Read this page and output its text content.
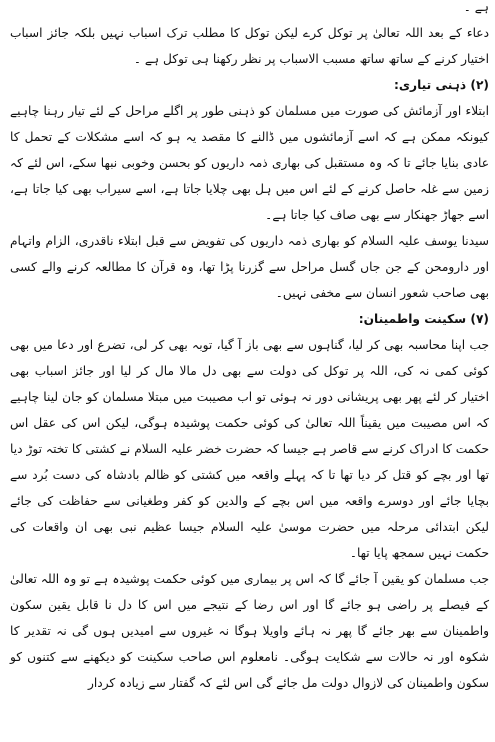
ہے ۔

دعاء کے بعد اللہ تعالیٰ پر توکل کرے لیکن توکل کا مطلب ترک اسباب نہیں بلکہ جائز اسباب اختیار کرنے کے ساتھ ساتھ مسبب الاسباب پر نظر رکھنا ہی توکل ہے ۔

(۲) ذہنی تیاری:

ابتلاء اور آزمائش کی صورت میں مسلمان کو ذہنی طور پر اگلے مراحل کے لئے تیار رہنا چاہیے کیونکہ ممکن ہے کہ اسے آزمائشوں میں ڈالنے کا مقصد یہ ہو کہ اسے مشکلات کے تحمل کا عادی بنایا جائے تا کہ وہ مستقبل کی بھاری ذمہ داریوں کو بحسن وخوبی نبھا سکے، اس لئے کہ زمین سے غلہ حاصل کرنے کے لئے اس میں ہل بھی چلایا جاتا ہے، اسے سیراب بھی کیا جاتا ہے، اسے جھاڑ جھنکار سے بھی صاف کیا جاتا ہے۔

سیدنا یوسف علیہ السلام کو بھاری ذمہ داریوں کی تفویض سے قبل ابتلاء ناقدری، الزام واتہام اور دارومحن کے جن جاں گسل مراحل سے گزرنا پڑا تھا، وہ قرآن کا مطالعہ کرنے والے کسی بھی صاحب شعور انسان سے مخفی نہیں۔

(۷) سکینت واطمینان:

جب اپنا محاسبہ بھی کر لیا، گناہوں سے بھی باز آ گیا، توبہ بھی کر لی، تضرع اور دعا میں بھی کوئی کمی نہ کی، اللہ پر توکل کی دولت سے بھی دل مالا مال کر لیا اور جائز اسباب بھی اختیار کر لئے پھر بھی پریشانی دور نہ ہوئی تو اب مصیبت میں مبتلا مسلمان کو جان لینا چاہیے کہ اس مصیبت میں یقیناً اللہ تعالیٰ کی کوئی حکمت پوشیدہ ہوگی، لیکن اس کی عقل اس حکمت کا ادراک کرنے سے قاصر ہے جیسا کہ حضرت خضر علیہ السلام نے کشتی کا تختہ توڑ دیا تھا اور بچے کو قتل کر دیا تھا تا کہ پہلے واقعہ میں کشتی کو ظالم بادشاہ کی دست بُرد سے بچایا جائے اور دوسرے واقعہ میں اس بچے کے والدین کو کفر وطغیانی سے حفاظت کی جائے لیکن ابتدائی مرحلہ میں حضرت موسیٰ علیہ السلام جیسا عظیم نبی بھی ان واقعات کی حکمت نہیں سمجھ پایا تھا۔

جب مسلمان کو یقین آ جائے گا کہ اس پر بیماری میں کوئی حکمت پوشیدہ ہے تو وہ اللہ تعالیٰ کے فیصلے پر راضی ہو جائے گا اور اس رضا کے نتیجے میں اس کا دل نا قابل یقین سکون واطمینان سے بھر جائے گا پھر نہ ہائے واویلا ہوگا نہ غیروں سے امیدیں ہوں گی نہ تقدیر کا شکوہ اور نہ حالات سے شکایت ہوگی۔ نامعلوم اس صاحب سکینت کو دیکھنے سے کتنوں کو سکون واطمینان کی لازوال دولت مل جائے گی اس لئے کہ گفتار سے زیادہ کردار
